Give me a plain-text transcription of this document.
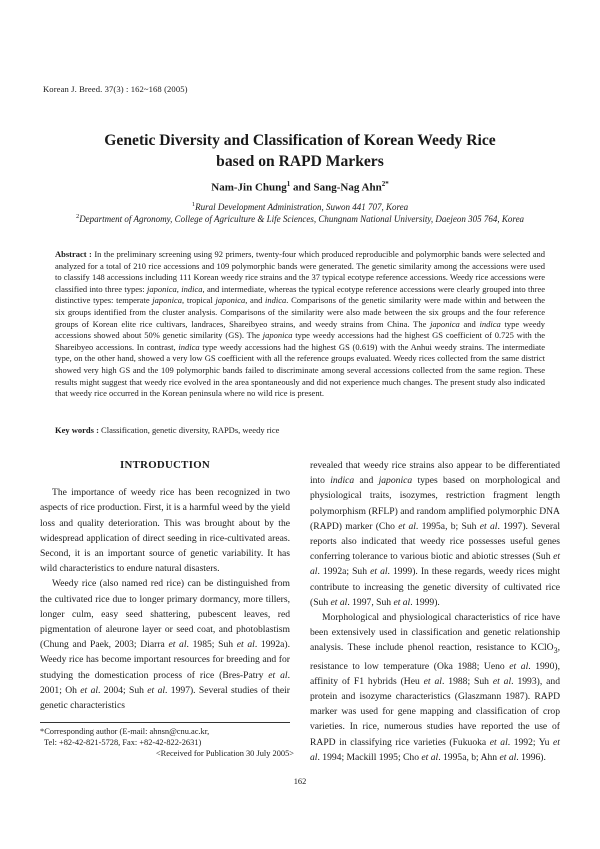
Korean J. Breed. 37(3) : 162~168 (2005)
Genetic Diversity and Classification of Korean Weedy Rice
based on RAPD Markers
Nam-Jin Chung$^1$ and Sang-Nag Ahn$^{2*}$
$^1$Rural Development Administration, Suwon 441 707, Korea
$^2$Department of Agronomy, College of Agriculture & Life Sciences, Chungnam National University, Daejeon 305 764, Korea
Abstract : In the preliminary screening using 92 primers, twenty-four which produced reproducible and polymorphic bands were selected and analyzed for a total of 210 rice accessions and 109 polymorphic bands were generated. The genetic similarity among the accessions were used to classify 148 accessions including 111 Korean weedy rice strains and the 37 typical ecotype reference accessions. Weedy rice accessions were classified into three types: japonica, indica, and intermediate, whereas the typical ecotype reference accessions were clearly grouped into three distinctive types: temperate japonica, tropical japonica, and indica. Comparisons of the genetic similarity were made within and between the six groups identified from the cluster analysis. Comparisons of the similarity were also made between the six groups and the four reference groups of Korean elite rice cultivars, landraces, Shareibyeo strains, and weedy strains from China. The japonica and indica type weedy accessions showed about 50% genetic similarity (GS). The japonica type weedy accessions had the highest GS coefficient of 0.725 with the Shareibyeo accessions. In contrast, indica type weedy accessions had the highest GS (0.619) with the Anhui weedy strains. The intermediate type, on the other hand, showed a very low GS coefficient with all the reference groups evaluated. Weedy rices collected from the same district showed very high GS and the 109 polymorphic bands failed to discriminate among several accessions collected from the same region. These results might suggest that weedy rice evolved in the area spontaneously and did not experience much changes. The present study also indicated that weedy rice occurred in the Korean peninsula where no wild rice is present.
Key words : Classification, genetic diversity, RAPDs, weedy rice
INTRODUCTION

The importance of weedy rice has been recognized in two aspects of rice production. First, it is a harmful weed by the yield loss and quality deterioration. This was brought about by the widespread application of direct seeding in rice-cultivated areas. Second, it is an important source of genetic variability. It has wild characteristics to endure natural disasters.

Weedy rice (also named red rice) can be distinguished from the cultivated rice due to longer primary dormancy, more tillers, longer culm, easy seed shattering, pubescent leaves, red pigmentation of aleurone layer or seed coat, and photoblastism (Chung and Paek, 2003; Diarra et al. 1985; Suh et al. 1992a). Weedy rice has become important resources for breeding and for studying the domestication process of rice (Bres-Patry et al. 2001; Oh et al. 2004; Suh et al. 1997). Several studies of their genetic characteristics

revealed that weedy rice strains also appear to be differentiated into indica and japonica types based on morphological and physiological traits, isozymes, restriction fragment length polymorphism (RFLP) and random amplified polymorphic DNA (RAPD) marker (Cho et al. 1995a, b; Suh et al. 1997). Several reports also indicated that weedy rice possesses useful genes conferring tolerance to various biotic and abiotic stresses (Suh et al. 1992a; Suh et al. 1999). In these regards, weedy rices might contribute to increasing the genetic diversity of cultivated rice (Suh et al. 1997, Suh et al. 1999).

Morphological and physiological characteristics of rice have been extensively used in classification and genetic relationship analysis. These include phenol reaction, resistance to KClO$_3$, resistance to low temperature (Oka 1988; Ueno et al. 1990), affinity of F1 hybrids (Heu et al. 1988; Suh et al. 1993), and protein and isozyme characteristics (Glaszmann 1987). RAPD marker was used for gene mapping and classification of crop varieties. In rice, numerous studies have reported the use of RAPD in classifying rice varieties (Fukuoka et al. 1992; Yu et al. 1994; Mackill 1995; Cho et al. 1995a, b; Ahn et al. 1996).

*Corresponding author (E-mail: ahnsn@cnu.ac.kr,
Tel: +82-42-821-5728, Fax: +82-42-822-2631)
<Received for Publication 30 July 2005>
162
